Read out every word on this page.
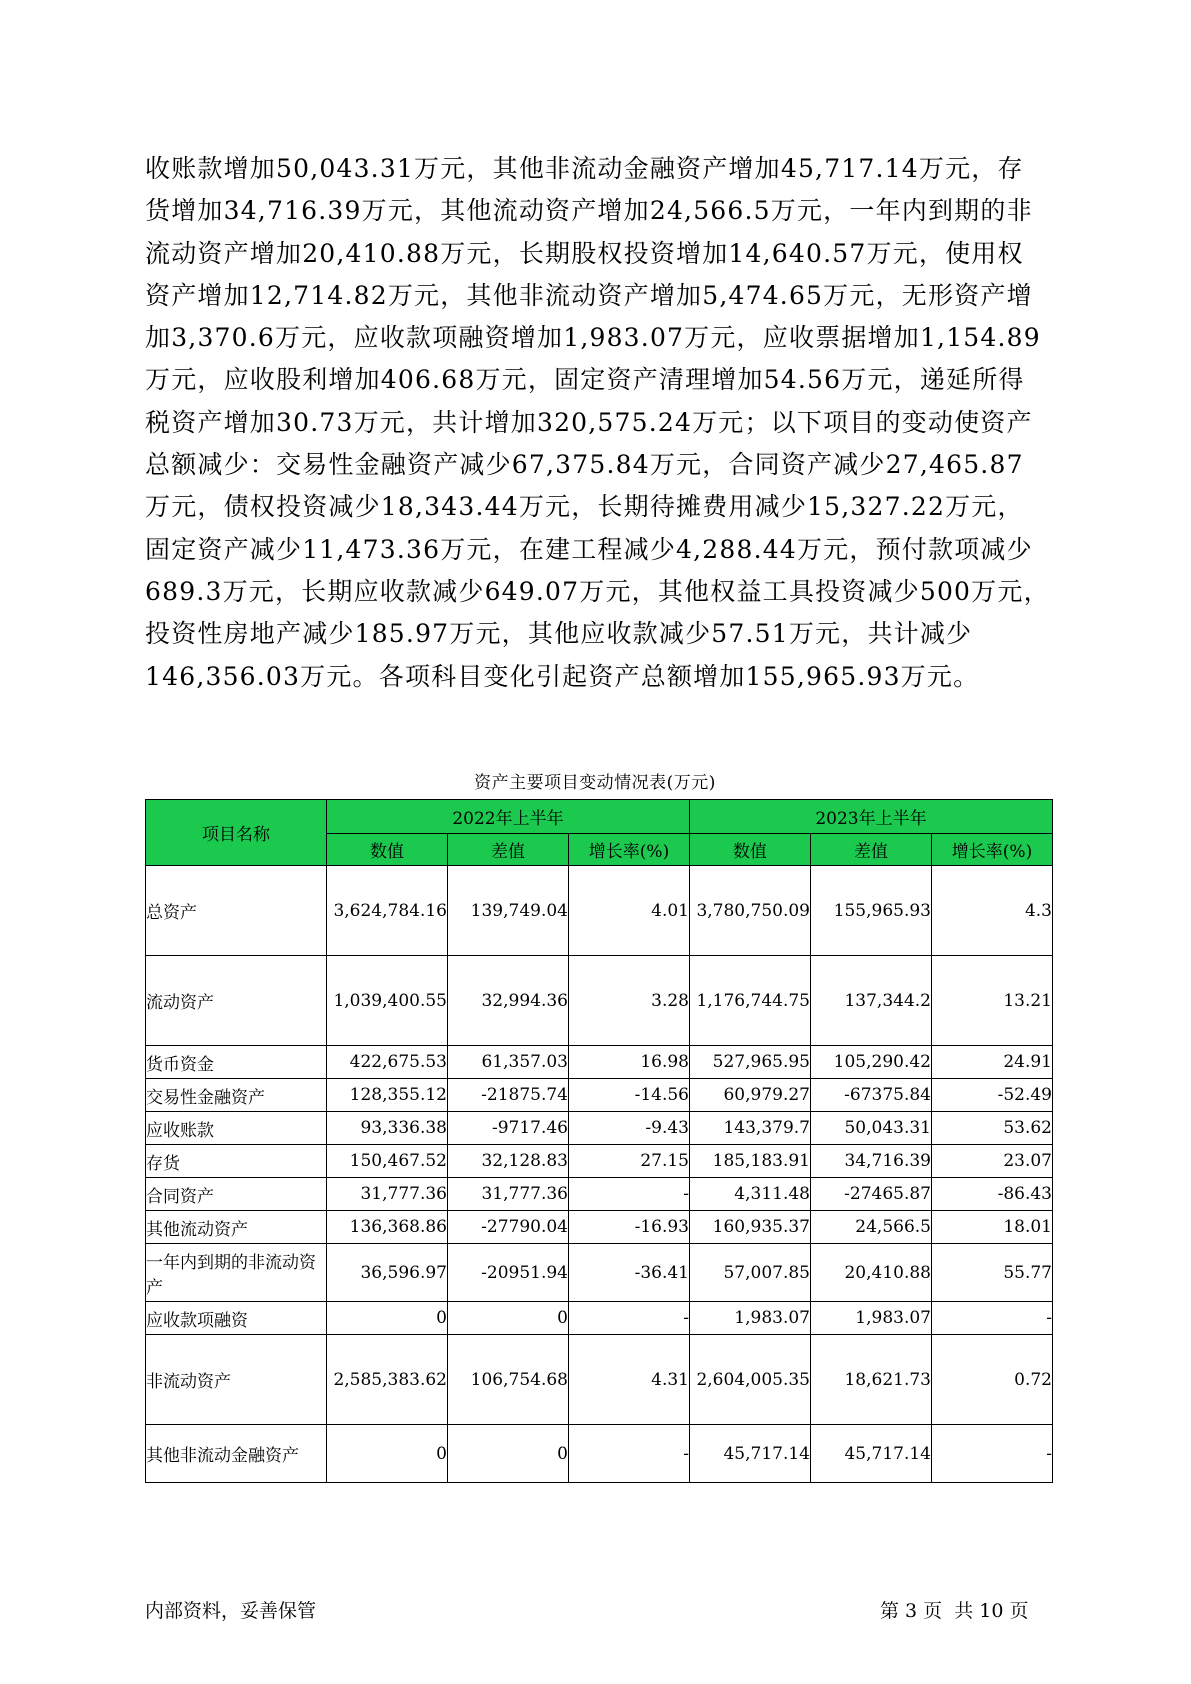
收账款增加50,043.31万元，其他非流动金融资产增加45,717.14万元，存
货增加34,716.39万元，其他流动资产增加24,566.5万元，一年内到期的非
流动资产增加20,410.88万元，长期股权投资增加14,640.57万元，使用权
资产增加12,714.82万元，其他非流动资产增加5,474.65万元，无形资产增
加3,370.6万元，应收款项融资增加1,983.07万元，应收票据增加1,154.89
万元，应收股利增加406.68万元，固定资产清理增加54.56万元，递延所得
税资产增加30.73万元，共计增加320,575.24万元；以下项目的变动使资产
总额减少：交易性金融资产减少67,375.84万元，合同资产减少27,465.87
万元，债权投资减少18,343.44万元，长期待摊费用减少15,327.22万元，
固定资产减少11,473.36万元，在建工程减少4,288.44万元，预付款项减少
689.3万元，长期应收款减少649.07万元，其他权益工具投资减少500万元，
投资性房地产减少185.97万元，其他应收款减少57.51万元，共计减少
146,356.03万元。各项科目变化引起资产总额增加155,965.93万元。

资产主要项目变动情况表(万元)
项目名称	2022年上半年			2023年上半年		
	数值	差值	增长率(%)	数值	差值	增长率(%)
总资产	3,624,784.16	139,749.04	4.01	3,780,750.09	155,965.93	4.3
流动资产	1,039,400.55	32,994.36	3.28	1,176,744.75	137,344.2	13.21
货币资金	422,675.53	61,357.03	16.98	527,965.95	105,290.42	24.91
交易性金融资产	128,355.12	-21875.74	-14.56	60,979.27	-67375.84	-52.49
应收账款	93,336.38	-9717.46	-9.43	143,379.7	50,043.31	53.62
存货	150,467.52	32,128.83	27.15	185,183.91	34,716.39	23.07
合同资产	31,777.36	31,777.36	-	4,311.48	-27465.87	-86.43
其他流动资产	136,368.86	-27790.04	-16.93	160,935.37	24,566.5	18.01
一年内到期的非流动资产	36,596.97	-20951.94	-36.41	57,007.85	20,410.88	55.77
应收款项融资	0	0	-	1,983.07	1,983.07	-
非流动资产	2,585,383.62	106,754.68	4.31	2,604,005.35	18,621.73	0.72
其他非流动金融资产	0	0	-	45,717.14	45,717.14	-
内部资料，妥善保管	第 3 页  共 10 页
